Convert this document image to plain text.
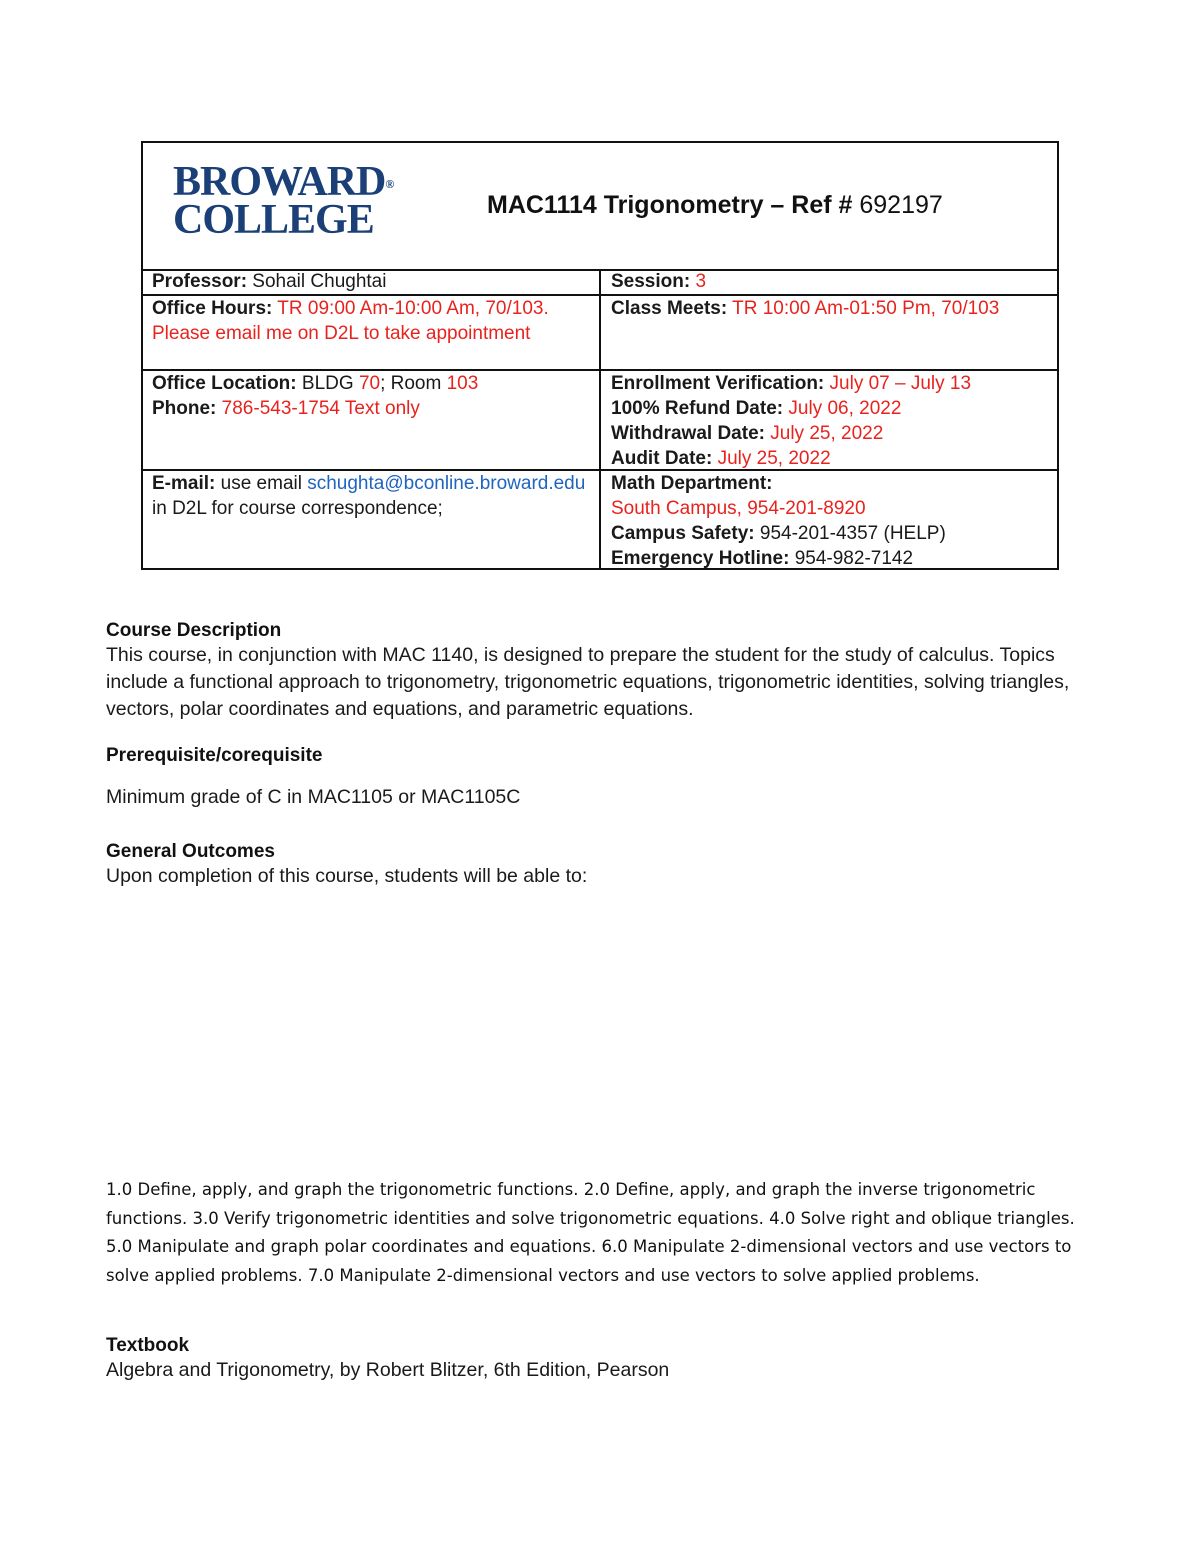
BROWARD®
COLLEGE	MAC1114 Trigonometry – Ref # 692197
Professor: Sohail Chughtai	Session: 3
Office Hours: TR 09:00 Am-10:00 Am, 70/103. Please email me on D2L to take appointment
Class Meets: TR 10:00 Am-01:50 Pm, 70/103
Office Location: BLDG 70; Room 103
Phone: 786-543-1754 Text only
Enrollment Verification: July 07 – July 13
100% Refund Date: July 06, 2022
Withdrawal Date: July 25, 2022
Audit Date: July 25, 2022
E-mail: use email schughta@bconline.broward.edu in D2L for course correspondence;
Math Department:
South Campus, 954-201-8920
Campus Safety: 954-201-4357 (HELP)
Emergency Hotline: 954-982-7142
Course Description
This course, in conjunction with MAC 1140, is designed to prepare the student for the study of calculus. Topics include a functional approach to trigonometry, trigonometric equations, trigonometric identities, solving triangles, vectors, polar coordinates and equations, and parametric equations.
Prerequisite/corequisite
Minimum grade of C in MAC1105 or MAC1105C
General Outcomes
Upon completion of this course, students will be able to:
1.0 Define, apply, and graph the trigonometric functions. 2.0 Define, apply, and graph the inverse trigonometric functions. 3.0 Verify trigonometric identities and solve trigonometric equations. 4.0 Solve right and oblique triangles. 5.0 Manipulate and graph polar coordinates and equations. 6.0 Manipulate 2-dimensional vectors and use vectors to solve applied problems. 7.0 Manipulate 2-dimensional vectors and use vectors to solve applied problems.
Textbook
Algebra and Trigonometry, by Robert Blitzer, 6th Edition, Pearson
